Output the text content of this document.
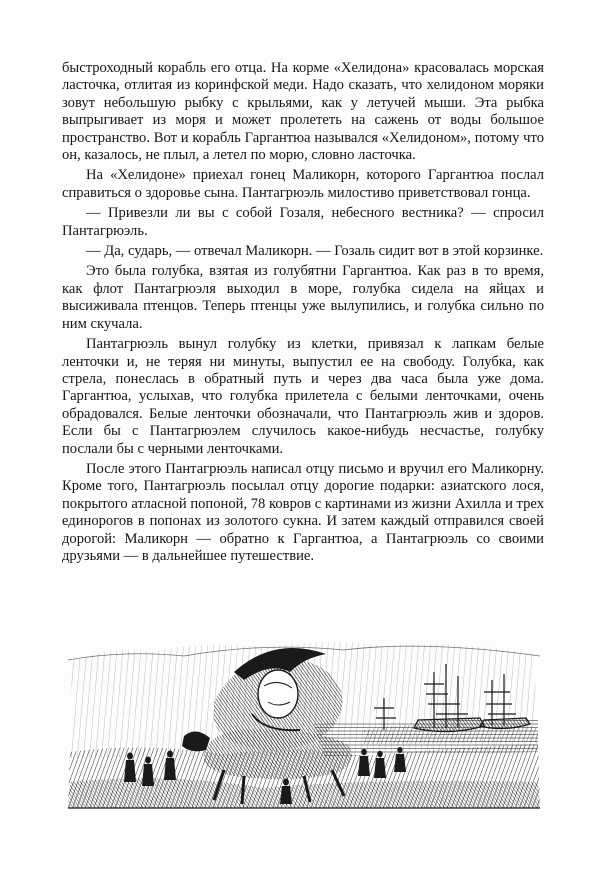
быстроходный корабль его отца. На корме «Хелидона» красовалась морская ласточка, отлитая из коринфской меди. Надо сказать, что хелидоном моряки зовут небольшую рыбку с крыльями, как у летучей мыши. Эта рыбка выпрыгивает из моря и может пролететь на сажень от воды большое пространство. Вот и корабль Гаргантюа назывался «Хелидоном», потому что он, казалось, не плыл, а летел по морю, словно ласточка.

На «Хелидоне» приехал гонец Маликорн, которого Гаргантюа послал справиться о здоровье сына. Пантагрюэль милостиво приветствовал гонца.

— Привезли ли вы с собой Гозаля, небесного вестника? — спросил Пантагрюэль.

— Да, сударь, — отвечал Маликорн. — Гозаль сидит вот в этой корзинке.

Это была голубка, взятая из голубятни Гаргантюа. Как раз в то время, как флот Пантагрюэля выходил в море, голубка сидела на яйцах и высиживала птенцов. Теперь птенцы уже вылупились, и голубка сильно по ним скучала.

Пантагрюэль вынул голубку из клетки, привязал к лапкам белые ленточки и, не теряя ни минуты, выпустил ее на свободу. Голубка, как стрела, понеслась в обратный путь и через два часа была уже дома. Гаргантюа, услыхав, что голубка прилетела с белыми ленточками, очень обрадовался. Белые ленточки обозначали, что Пантагрюэль жив и здоров. Если бы с Пантагрюэлем случилось какое-нибудь несчастье, голубку послали бы с черными ленточками.

После этого Пантагрюэль написал отцу письмо и вручил его Маликорну. Кроме того, Пантагрюэль посылал отцу дорогие подарки: азиатского лося, покрытого атласной попоной, 78 ковров с картинами из жизни Ахилла и трех единорогов в попонах из золотого сукна. И затем каждый отправился своей дорогой: Маликорн — обратно к Гаргантюа, а Пантагрюэль со своими друзьями — в дальнейшее путешествие.
